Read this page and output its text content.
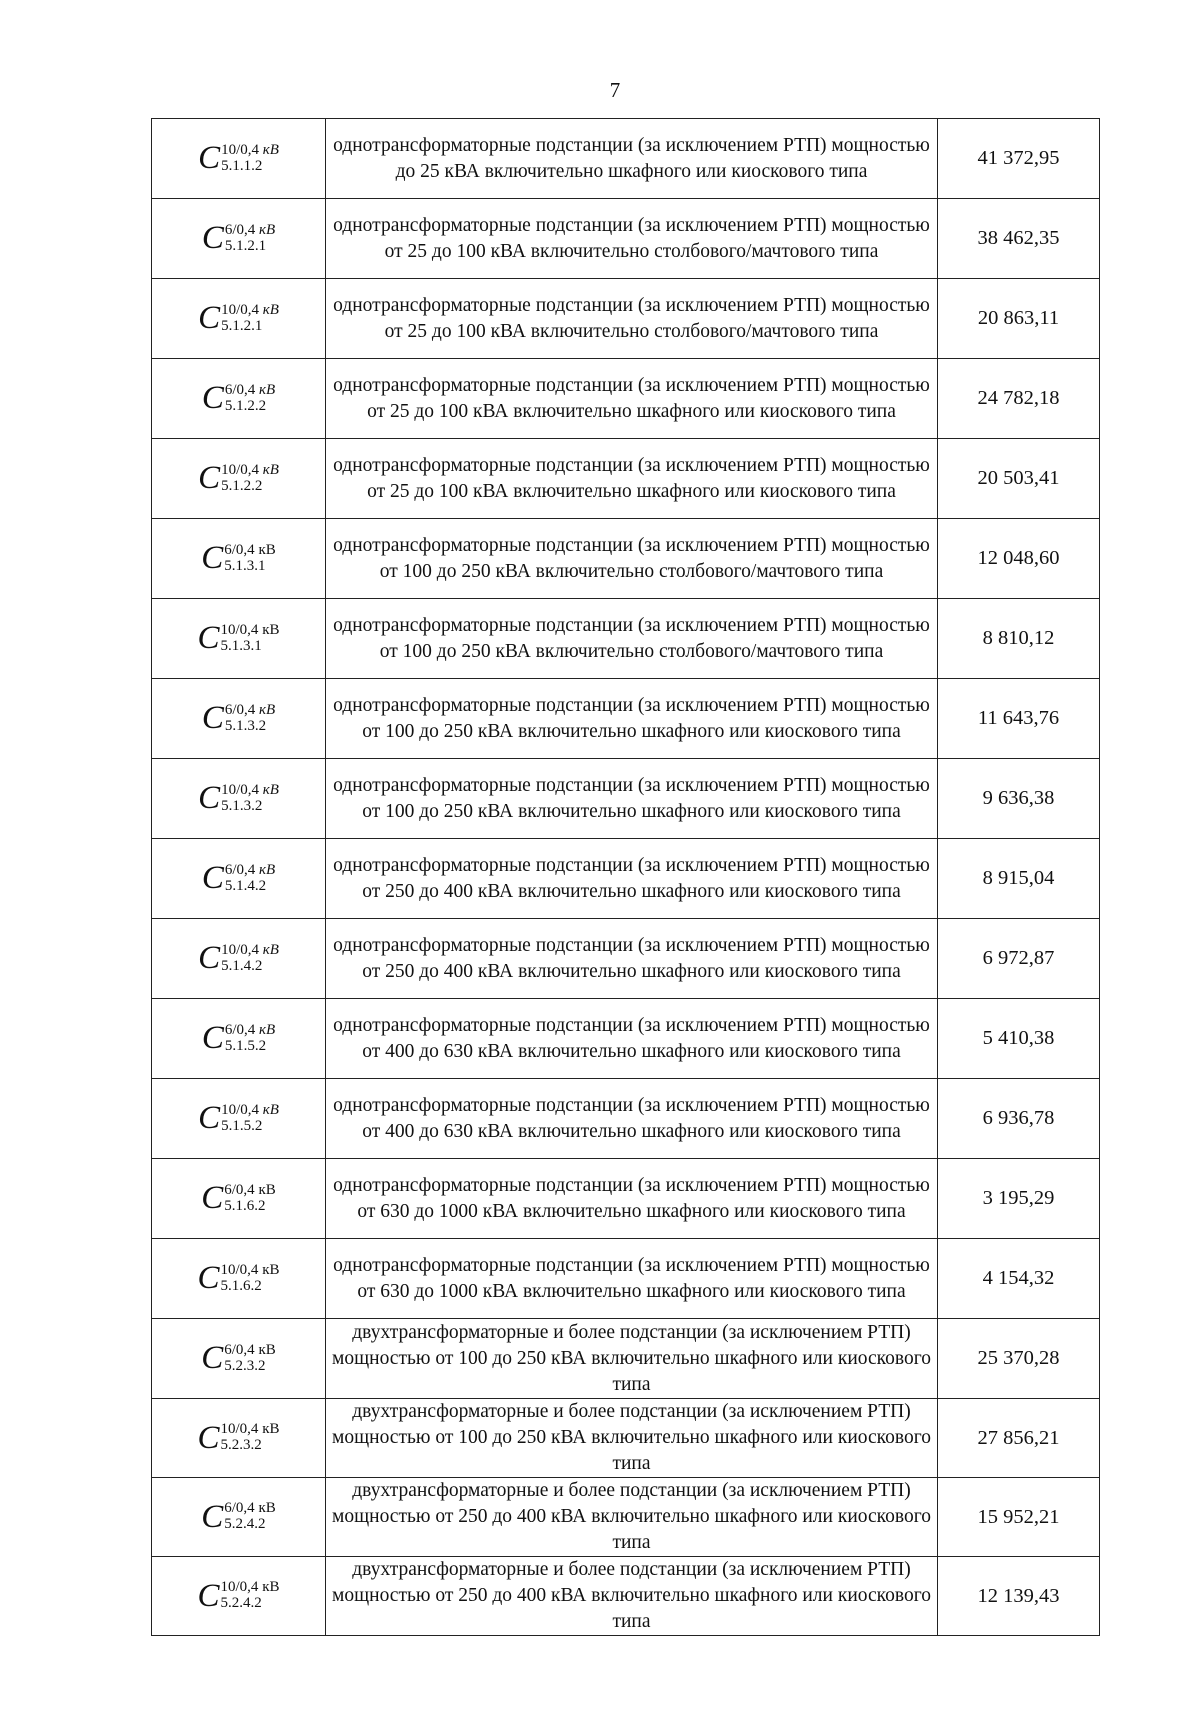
7
C 10/0,4 кВ
5.1.1.2	однотрансформаторные подстанции (за исключением РТП) мощностью до 25 кВА включительно шкафного или киоскового типа	41 372,95

C 6/0,4 кВ
5.1.2.1	однотрансформаторные подстанции (за исключением РТП) мощностью от 25 до 100 кВА включительно столбового/мачтового типа	38 462,35

C 10/0,4 кВ
5.1.2.1	однотрансформаторные подстанции (за исключением РТП) мощностью от 25 до 100 кВА включительно столбового/мачтового типа	20 863,11

C 6/0,4 кВ
5.1.2.2	однотрансформаторные подстанции (за исключением РТП) мощностью от 25 до 100 кВА включительно шкафного или киоскового типа	24 782,18

C 10/0,4 кВ
5.1.2.2	однотрансформаторные подстанции (за исключением РТП) мощностью от 25 до 100 кВА включительно шкафного или киоскового типа	20 503,41

C 6/0,4 кВ
5.1.3.1	однотрансформаторные подстанции (за исключением РТП) мощностью от 100 до 250 кВА включительно столбового/мачтового типа	12 048,60

C 10/0,4 кВ
5.1.3.1	однотрансформаторные подстанции (за исключением РТП) мощностью от 100 до 250 кВА включительно столбового/мачтового типа	8 810,12

C 6/0,4 кВ
5.1.3.2	однотрансформаторные подстанции (за исключением РТП) мощностью от 100 до 250 кВА включительно шкафного или киоскового типа	11 643,76

C 10/0,4 кВ
5.1.3.2	однотрансформаторные подстанции (за исключением РТП) мощностью от 100 до 250 кВА включительно шкафного или киоскового типа	9 636,38

C 6/0,4 кВ
5.1.4.2	однотрансформаторные подстанции (за исключением РТП) мощностью от 250 до 400 кВА включительно шкафного или киоскового типа	8 915,04

C 10/0,4 кВ
5.1.4.2	однотрансформаторные подстанции (за исключением РТП) мощностью от 250 до 400 кВА включительно шкафного или киоскового типа	6 972,87

C 6/0,4 кВ
5.1.5.2	однотрансформаторные подстанции (за исключением РТП) мощностью от 400 до 630 кВА включительно шкафного или киоскового типа	5 410,38

C 10/0,4 кВ
5.1.5.2	однотрансформаторные подстанции (за исключением РТП) мощностью от 400 до 630 кВА включительно шкафного или киоскового типа	6 936,78

C 6/0,4 кВ
5.1.6.2	однотрансформаторные подстанции (за исключением РТП) мощностью от 630 до 1000 кВА включительно шкафного или киоскового типа	3 195,29

C 10/0,4 кВ
5.1.6.2	однотрансформаторные подстанции (за исключением РТП) мощностью от 630 до 1000 кВА включительно шкафного или киоскового типа	4 154,32

C 6/0,4 кВ
5.2.3.2	двухтрансформаторные и более подстанции (за исключением РТП) мощностью от 100 до 250 кВА включительно шкафного или киоскового типа	25 370,28

C 10/0,4 кВ
5.2.3.2	двухтрансформаторные и более подстанции (за исключением РТП) мощностью от 100 до 250 кВА включительно шкафного или киоскового типа	27 856,21

C 6/0,4 кВ
5.2.4.2	двухтрансформаторные и более подстанции (за исключением РТП) мощностью от 250 до 400 кВА включительно шкафного или киоскового типа	15 952,21

C 10/0,4 кВ
5.2.4.2	двухтрансформаторные и более подстанции (за исключением РТП) мощностью от 250 до 400 кВА включительно шкафного или киоскового типа	12 139,43
